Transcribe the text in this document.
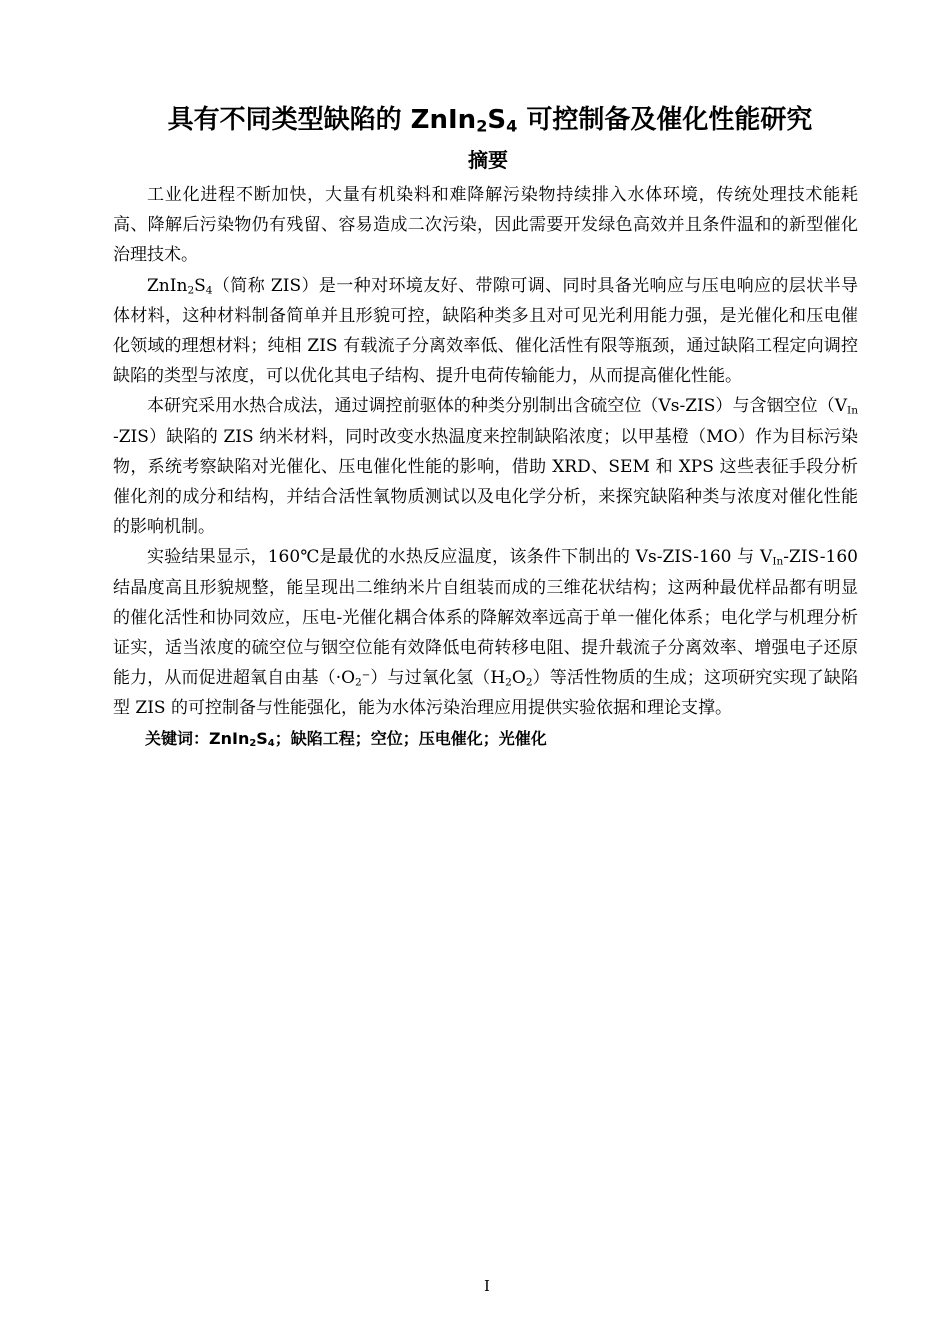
具有不同类型缺陷的 $ZnIn_2S_4$ 可控制备及催化性能研究
摘要

工业化进程不断加快，大量有机染料和难降解污染物持续排入水体环境，传统处理技术能耗高、降解后污染物仍有残留、容易造成二次污染，因此需要开发绿色高效并且条件温和的新型催化治理技术。

$ZnIn_2S_4$（简称 ZIS）是一种对环境友好、带隙可调、同时具备光响应与压电响应的层状半导体材料，这种材料制备简单并且形貌可控，缺陷种类多且对可见光利用能力强，是光催化和压电催化领域的理想材料；纯相 ZIS 有载流子分离效率低、催化活性有限等瓶颈，通过缺陷工程定向调控缺陷的类型与浓度，可以优化其电子结构、提升电荷传输能力，从而提高催化性能。

本研究采用水热合成法，通过调控前驱体的种类分别制出含硫空位（Vs-ZIS）与含铟空位$(V_{In}-ZIS)$缺陷的 ZIS 纳米材料，同时改变水热温度来控制缺陷浓度；以甲基橙（MO）作为目标污染物，系统考察缺陷对光催化、压电催化性能的影响，借助 XRD、SEM 和 XPS 这些表征手段分析催化剂的成分和结构，并结合活性氧物质测试以及电化学分析，来探究缺陷种类与浓度对催化性能的影响机制。

实验结果显示，160℃是最优的水热反应温度，该条件下制出的 Vs-ZIS-160 与 $V_{In}-ZIS-160$ 结晶度高且形貌规整，能呈现出二维纳米片自组装而成的三维花状结构；这两种最优样品都有明显的催化活性和协同效应，压电-光催化耦合体系的降解效率远高于单一催化体系；电化学与机理分析证实，适当浓度的硫空位与铟空位能有效降低电荷转移电阻、提升载流子分离效率、增强电子还原能力，从而促进超氧自由基$(\cdot O_2^-)$与过氧化氢$(H_2O_2)$等活性物质的生成；这项研究实现了缺陷型 ZIS 的可控制备与性能强化，能为水体污染治理应用提供实验依据和理论支撑。

关键词：$ZnIn_2S_4$；缺陷工程；空位；压电催化；光催化

I
